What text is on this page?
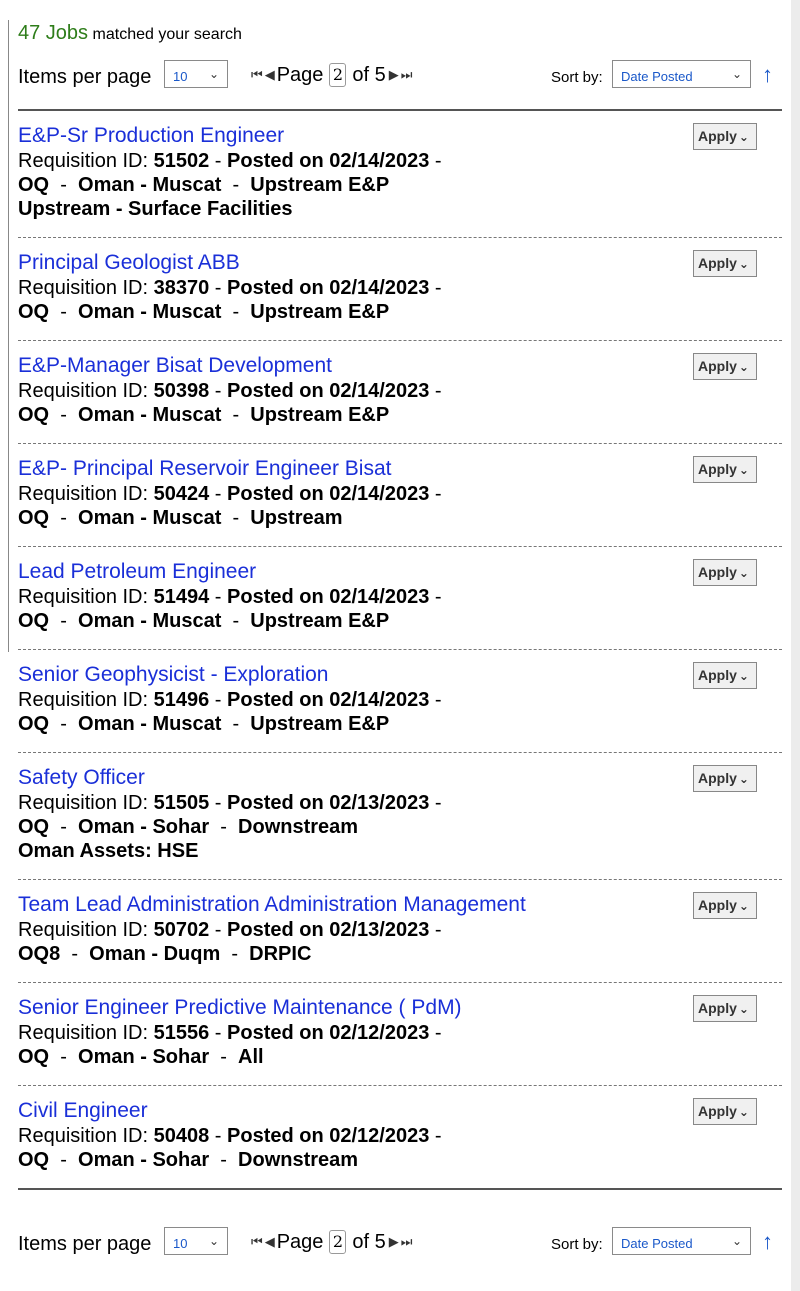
47 Jobs matched your search
Items per page	10 ⌄ ⏮ ◀ Page 2 of 5 ▶ ⏭	Sort by:	Date Posted	⌄ ↑
E&P-Sr Production Engineer
Requisition ID: 51502 - Posted on 02/14/2023 -
OQ  -  Oman - Muscat  -  Upstream E&P
Upstream - Surface Facilities
Apply ⌄
Principal Geologist ABB
Requisition ID: 38370 - Posted on 02/14/2023 -
OQ  -  Oman - Muscat  -  Upstream E&P
Apply ⌄
E&P-Manager Bisat Development
Requisition ID: 50398 - Posted on 02/14/2023 -
OQ  -  Oman - Muscat  -  Upstream E&P
Apply ⌄
E&P- Principal Reservoir Engineer Bisat
Requisition ID: 50424 - Posted on 02/14/2023 -
OQ  -  Oman - Muscat  -  Upstream
Apply ⌄
Lead Petroleum Engineer
Requisition ID: 51494 - Posted on 02/14/2023 -
OQ  -  Oman - Muscat  -  Upstream E&P
Apply ⌄
Senior Geophysicist - Exploration
Requisition ID: 51496 - Posted on 02/14/2023 -
OQ  -  Oman - Muscat  -  Upstream E&P
Apply ⌄
Safety Officer
Requisition ID: 51505 - Posted on 02/13/2023 -
OQ  -  Oman - Sohar  -  Downstream
Oman Assets: HSE
Apply ⌄
Team Lead Administration Administration Management
Requisition ID: 50702 - Posted on 02/13/2023 -
OQ8  -  Oman - Duqm  -  DRPIC
Apply ⌄
Senior Engineer Predictive Maintenance ( PdM)
Requisition ID: 51556 - Posted on 02/12/2023 -
OQ  -  Oman - Sohar  -  All
Apply ⌄
Civil Engineer
Requisition ID: 50408 - Posted on 02/12/2023 -
OQ  -  Oman - Sohar  -  Downstream
Apply ⌄
Items per page	10 ⌄ ⏮ ◀ Page 2 of 5 ▶ ⏭	Sort by:	Date Posted	⌄ ↑
